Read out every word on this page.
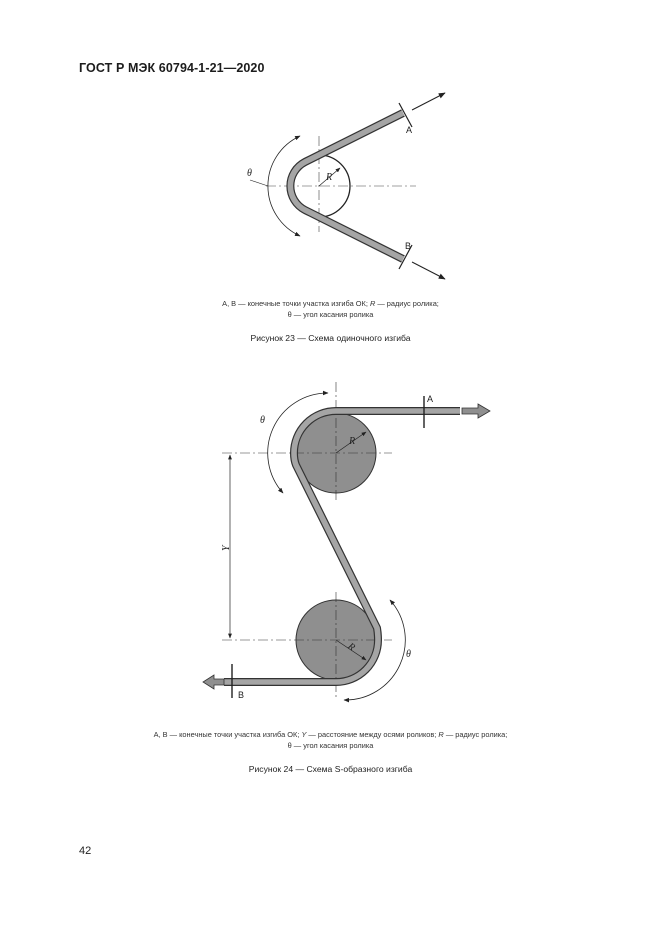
ГОСТ Р МЭК 60794-1-21—2020
A
B
R
θ
A, B — конечные точки участка изгиба ОК; R — радиус ролика;
θ — угол касания ролика
Рисунок 23 — Схема одиночного изгиба
A
B
R
R
Y
θ
θ
A, B — конечные точки участка изгиба ОК; Y — расстояние между осями роликов; R — радиус ролика;
θ — угол касания ролика
Рисунок 24 — Схема S-образного изгиба
42
